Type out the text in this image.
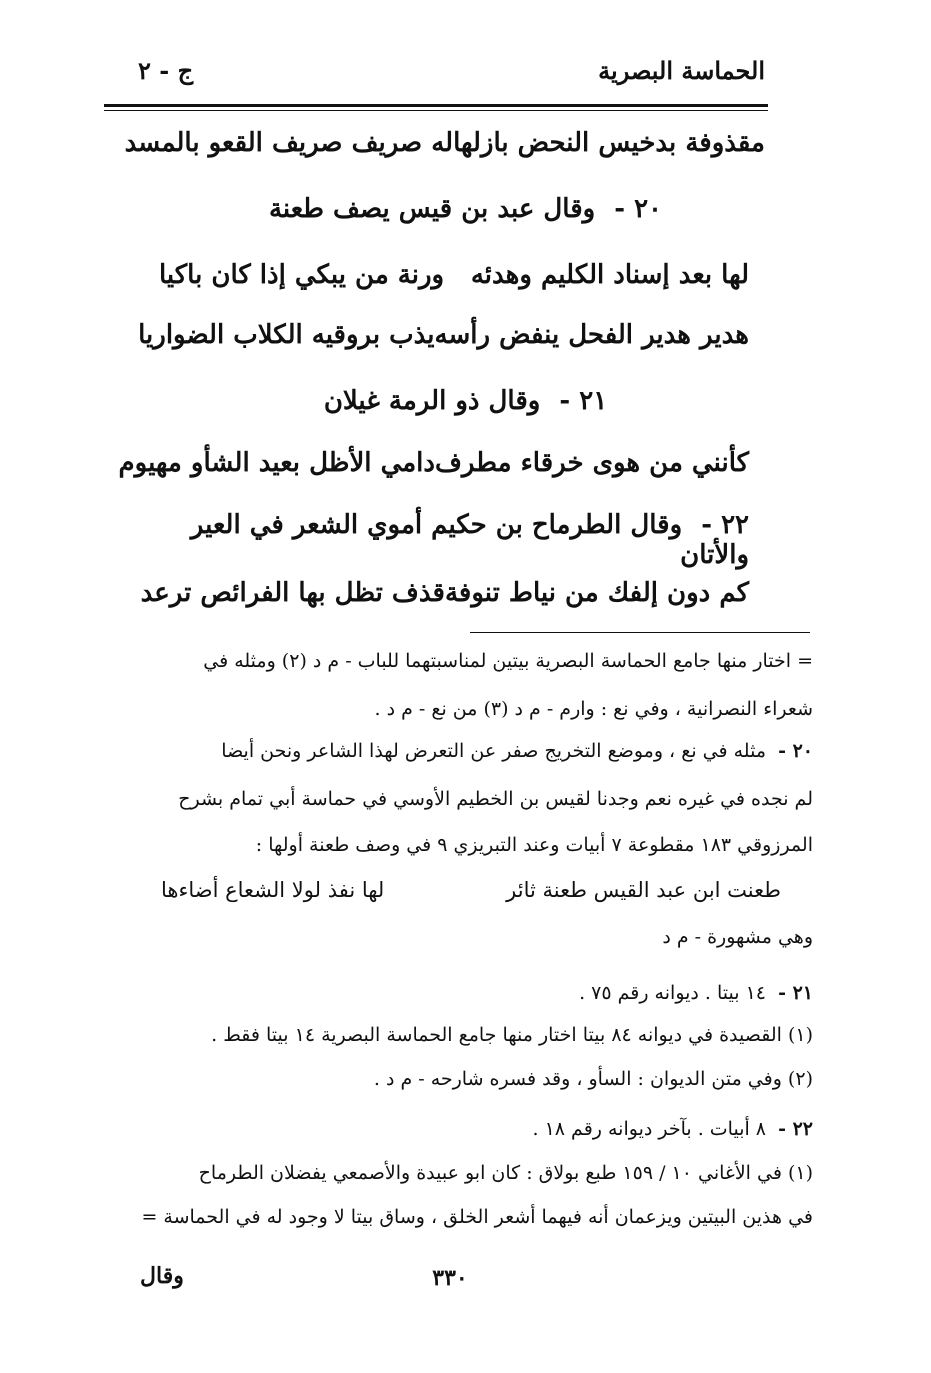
الحماسة البصرية
ج - ٢
مقذوفة بدخيس النحض بازلها
له صريف صريف القعو بالمسد
٢٠ - وقال عبد بن قيس يصف طعنة
لها بعد إسناد الكليم وهدئه
ورنة من يبكي إذا كان باكيا
هدير هدير الفحل ينفض رأسه
يذب بروقيه الكلاب الضواريا
٢١ - وقال ذو الرمة غيلان
كأنني من هوى خرقاء مطرف
دامي الأظل بعيد الشأو مهيوم
٢٢ - وقال الطرماح بن حكيم أموي الشعر في العير والأتان
كم دون إلفك من نياط تنوفة
قذف تظل بها الفرائص ترعد
= اختار منها جامع الحماسة البصرية بيتين لمناسبتهما للباب - م د (٢) ومثله في
شعراء النصرانية ، وفي نع : وارم - م د (٣) من نع - م د .
٢٠ - مثله في نع ، وموضع التخريج صفر عن التعرض لهذا الشاعر ونحن أيضا
لم نجده في غيره نعم وجدنا لقيس بن الخطيم الأوسي في حماسة أبي تمام بشرح
المرزوقي ١٨٣ مقطوعة ٧ أبيات وعند التبريزي ٩ في وصف طعنة أولها :
طعنت ابن عبد القيس طعنة ثائر
لها نفذ لولا الشعاع أضاءها
وهي مشهورة - م د
٢١ - ١٤ بيتا . ديوانه رقم ٧٥ .
(١) القصيدة في ديوانه ٨٤ بيتا اختار منها جامع الحماسة البصرية ١٤ بيتا فقط .
(٢) وفي متن الديوان : السأو ، وقد فسره شارحه - م د .
٢٢ - ٨ أبيات . بآخر ديوانه رقم ١٨ .
(١) في الأغاني ١٠ / ١٥٩ طبع بولاق : كان ابو عبيدة والأصمعي يفضلان الطرماح
في هذين البيتين ويزعمان أنه فيهما أشعر الخلق ، وساق بيتا لا وجود له في الحماسة =
٣٣٠
وقال
